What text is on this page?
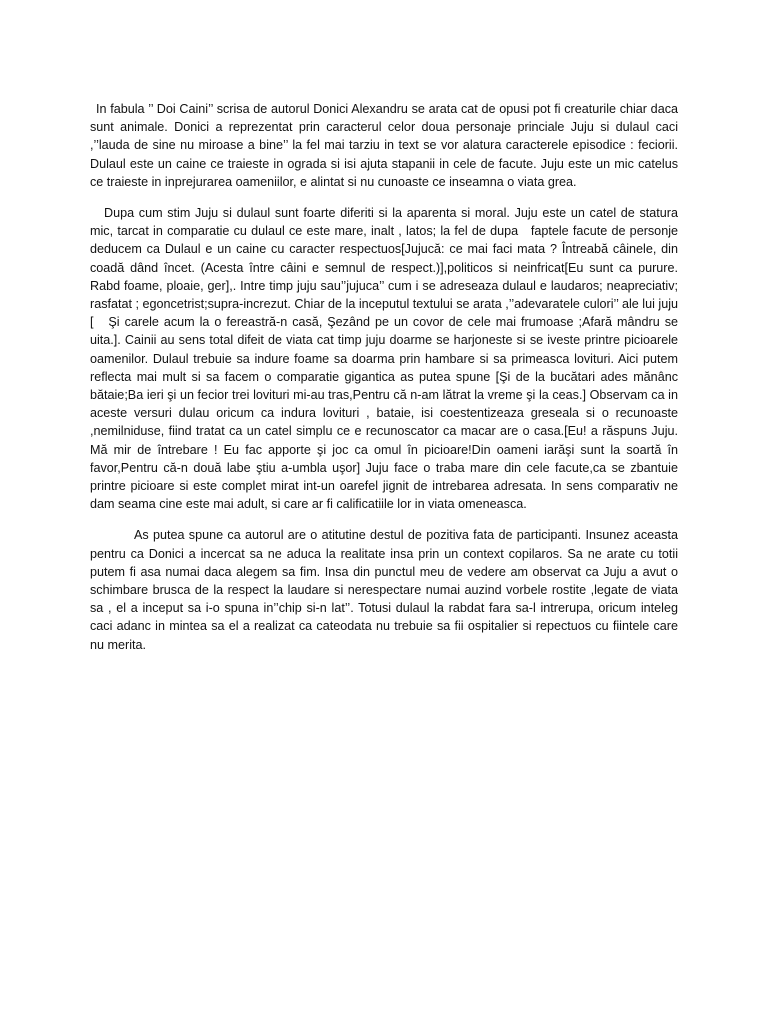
In fabula ’’ Doi Caini’’ scrisa de autorul Donici Alexandru se arata cat de opusi pot fi creaturile chiar daca sunt animale. Donici a reprezentat prin caracterul celor doua personaje princiale Juju si dulaul caci ,’’lauda de sine nu miroase a bine’’ la fel mai tarziu in text se vor alatura caracterele episodice : feciorii.  Dulaul este un caine ce traieste in ograda si isi ajuta stapanii in cele de facute. Juju este un mic catelus ce traieste in inprejurarea oameniilor, e alintat si nu cunoaste ce inseamna o viata grea.

Dupa cum stim Juju si dulaul sunt foarte diferiti si la aparenta si moral. Juju este un catel de statura mic, tarcat in comparatie cu dulaul ce este mare, inalt , latos; la fel de dupa   faptele facute de personje deducem ca Dulaul e un caine cu caracter respectuos[Jujucă: ce mai faci mata ? Întreabă câinele, din coadă dând încet. (Acesta între câini e semnul de respect.)],politicos si neinfricat[Eu sunt ca purure. Rabd foame, ploaie, ger],. Intre timp juju sau’’jujuca’’ cum i se adreseaza dulaul e laudaros; neapreciativ; rasfatat ; egoncetrist;supra-increzut. Chiar de la inceputul textului se arata ,’’adevaratele culori’’ ale lui juju [   Şi carele acum la o fereastră-n casă, Şezând pe un covor de cele mai frumoase ;Afară mândru se uita.]. Cainii au sens total difeit de viata cat timp juju doarme se harjoneste si se iveste printre picioarele oamenilor. Dulaul trebuie sa indure foame sa doarma prin hambare si sa primeasca lovituri. Aici putem reflecta mai mult si sa facem o comparatie gigantica as putea spune [Şi de la bucătari ades mănânc bătaie;Ba ieri şi un fecior trei lovituri mi-au tras,Pentru că n-am lătrat la vreme şi la ceas.] Observam ca in aceste versuri dulau oricum ca indura lovituri , bataie, isi coestentizeaza greseala si o recunoaste ,nemilniduse, fiind tratat ca un catel simplu ce e recunoscator ca macar are o casa.[Eu! a răspuns Juju. Mă mir de întrebare ! Eu fac apporte şi joc ca omul în picioare!Din oameni iarăşi sunt la soartă în favor,Pentru că-n două labe ştiu a-umbla uşor] Juju face o traba mare din cele facute,ca se zbantuie printre picioare si este complet mirat int-un oarefel jignit de intrebarea adresata. In sens comparativ ne dam seama cine este mai adult, si care ar fi calificatiile lor in viata omeneasca.

As putea spune ca autorul are o atitutine destul de pozitiva fata de participanti. Insunez aceasta pentru ca Donici a incercat sa ne aduca la realitate insa prin un context copilaros. Sa ne arate cu totii putem fi asa numai daca alegem sa fim. Insa din punctul meu de vedere am observat ca Juju a avut o schimbare brusca de la respect la laudare si nerespectare numai auzind vorbele rostite ,legate de viata sa , el a inceput sa i-o spuna in’’chip si-n lat’’. Totusi dulaul la rabdat fara sa-l intrerupa, oricum inteleg caci adanc in mintea sa el a realizat ca cateodata nu trebuie sa fii ospitalier si repectuos cu fiintele care nu merita.
